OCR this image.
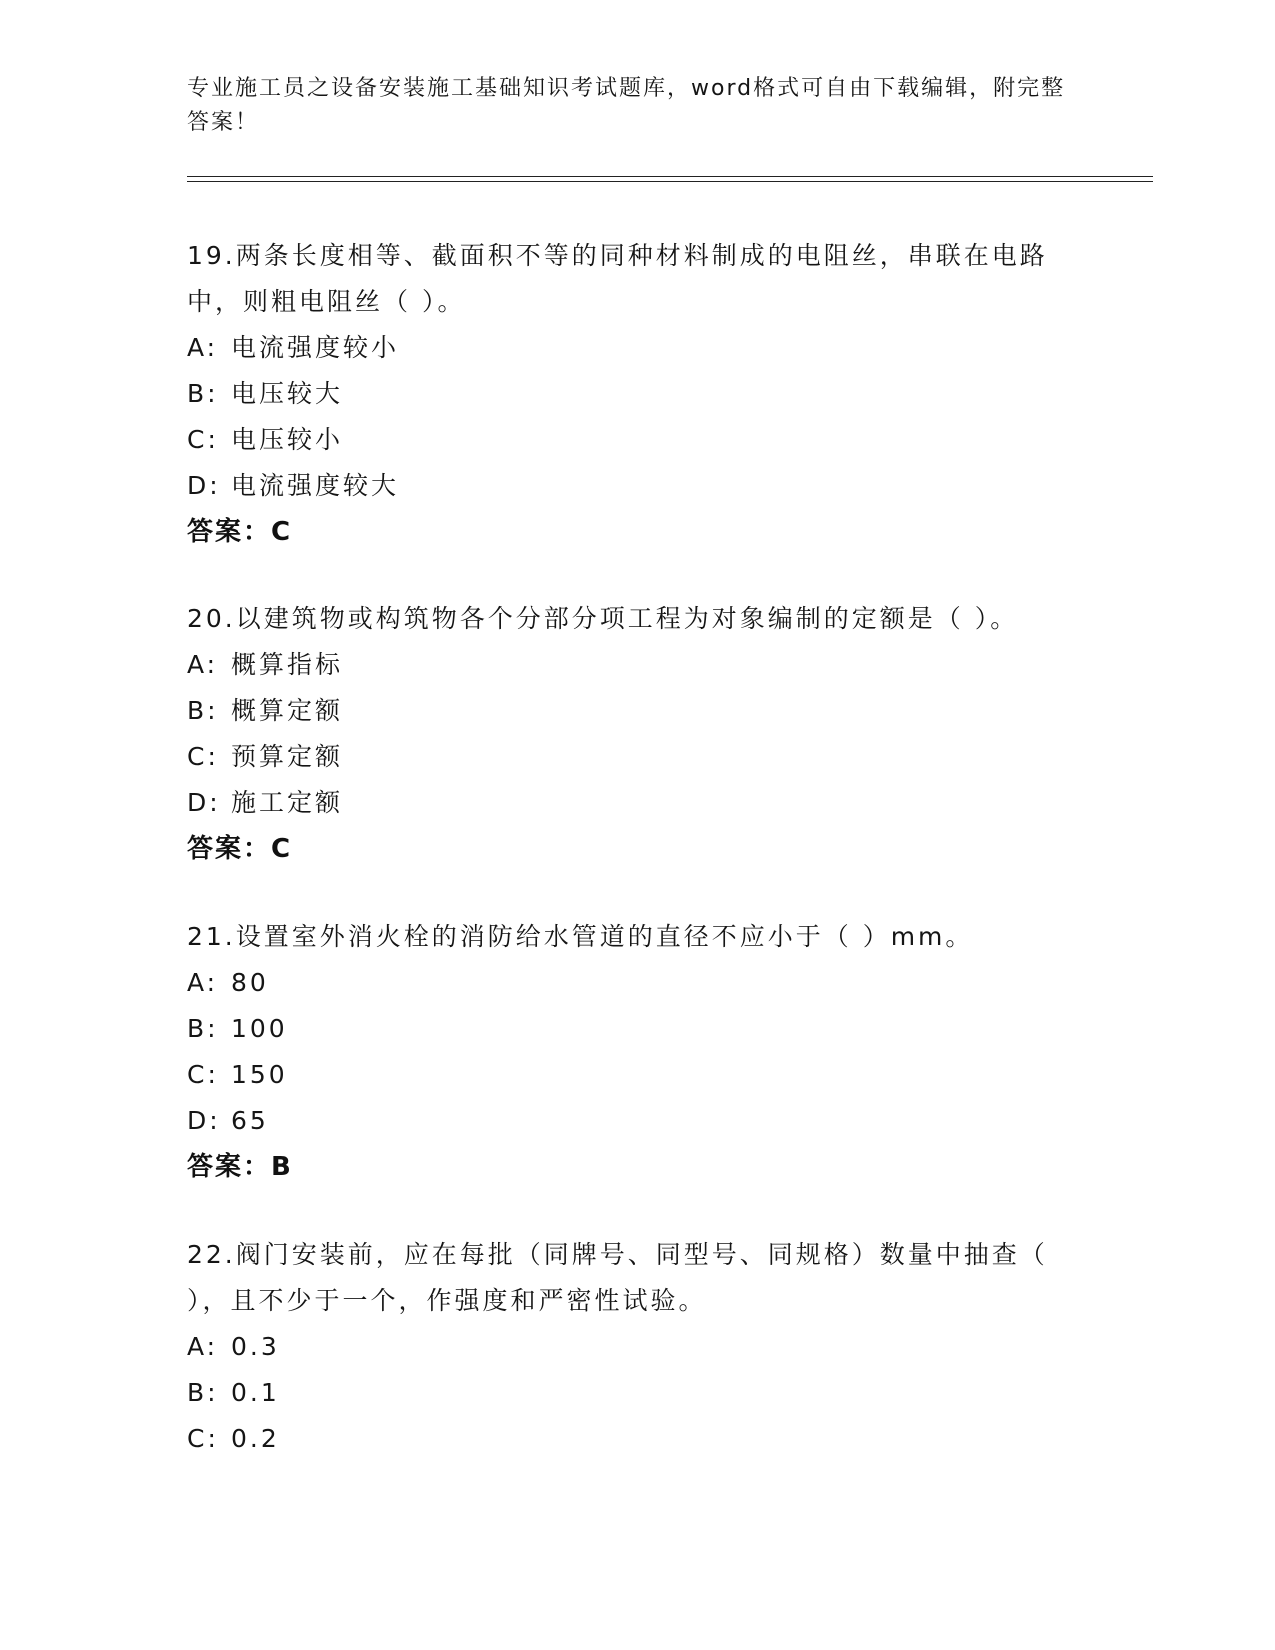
专业施工员之设备安装施工基础知识考试题库，word格式可自由下载编辑，附完整答案！

19.两条长度相等、截面积不等的同种材料制成的电阻丝，串联在电路中，则粗电阻丝（ ）。

A: 电流强度较小

B: 电压较大

C: 电压较小

D: 电流强度较大

答案：C

20.以建筑物或构筑物各个分部分项工程为对象编制的定额是（ ）。

A: 概算指标

B: 概算定额

C: 预算定额

D: 施工定额

答案：C

21.设置室外消火栓的消防给水管道的直径不应小于（ ）mm。

A: 80

B: 100

C: 150

D: 65

答案：B

22.阀门安装前，应在每批（同牌号、同型号、同规格）数量中抽查（ ），且不少于一个，作强度和严密性试验。

A: 0.3

B: 0.1

C: 0.2
